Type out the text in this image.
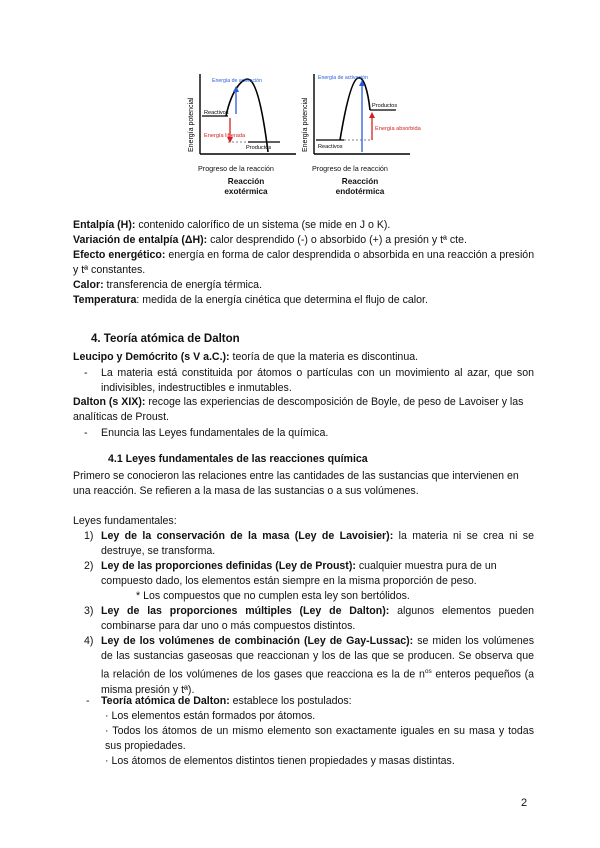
Energía potencial
Energía de activación
Reactivos
Energía liberada
Productos
Progreso de la reacción
Reacción
exotérmica
Energía potencial
Energía de activación
Productos
Reactivos
Energía absorbida
Progreso de la reacción
Reacción
endotérmica

Entalpía (H): contenido calorífico de un sistema (se mide en J o K).

Variación de entalpía (ΔH): calor desprendido (-) o absorbido (+) a presión y tª cte.

Efecto energético: energía en forma de calor desprendida o absorbida en una reacción a presión y tª constantes.

Calor: transferencia de energía térmica.

Temperatura: medida de la energía cinética que determina el flujo de calor.

4. Teoría atómica de Dalton
Leucipo y Demócrito (s V a.C.): teoría de que la materia es discontinua.
- La materia está constituida por átomos o partículas con un movimiento al azar, que son indivisibles, indestructibles e inmutables.
Dalton (s XIX): recoge las experiencias de descomposición de Boyle, de peso de Lavoiser y las analíticas de Proust.
- Enuncia las Leyes fundamentales de la química.
4.1 Leyes fundamentales de las reacciones química
Primero se conocieron las relaciones entre las cantidades de las sustancias que intervienen en una reacción. Se refieren a la masa de las sustancias o a sus volúmenes.
Leyes fundamentales:
1) Ley de la conservación de la masa (Ley de Lavoisier): la materia ni se crea ni se destruye, se transforma.
2) Ley de las proporciones definidas (Ley de Proust): cualquier muestra pura de un compuesto dado, los elementos están siempre en la misma proporción de peso.
* Los compuestos que no cumplen esta ley son bertólidos.
3) Ley de las proporciones múltiples (Ley de Dalton): algunos elementos pueden combinarse para dar uno o más compuestos distintos.
4) Ley de los volúmenes de combinación (Ley de Gay-Lussac): se miden los volúmenes de las sustancias gaseosas que reaccionan y los de las que se producen. Se observa que la relación de los volúmenes de los gases que reacciona es la de $n^{os}$ enteros pequeños (a misma presión y tª).
- Teoría atómica de Dalton: establece los postulados:
· Los elementos están formados por átomos.
· Todos los átomos de un mismo elemento son exactamente iguales en su masa y todas sus propiedades.
· Los átomos de elementos distintos tienen propiedades y masas distintas.
2
